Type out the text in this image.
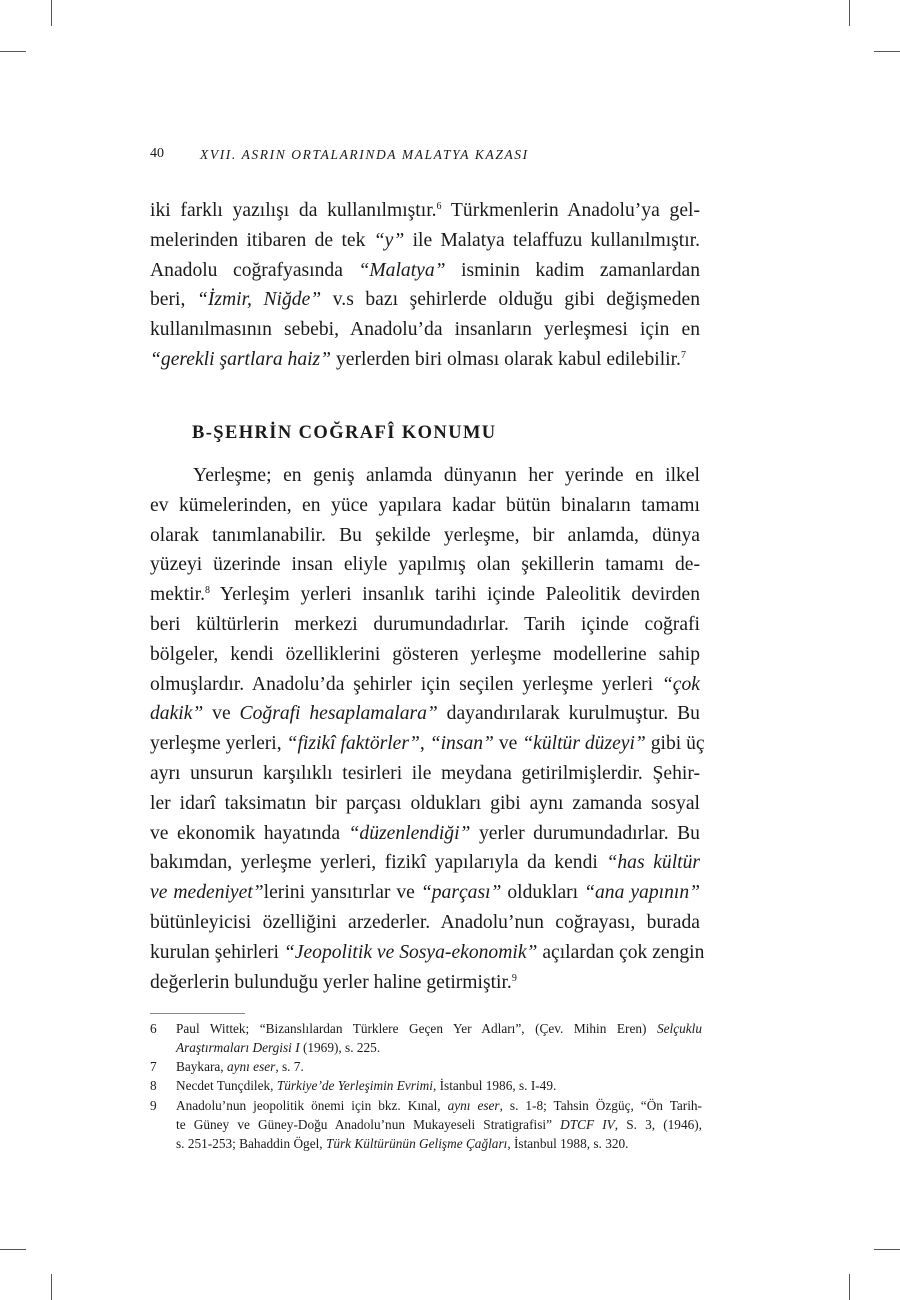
40	XVII. ASRIN ORTALARINDA MALATYA KAZASI
iki farklı yazılışı da kullanılmıştır.$^6$ Türkmenlerin Anadolu’ya gel-
melerinden itibaren de tek “y” ile Malatya telaffuzu kullanılmıştır.
Anadolu coğrafyasında “Malatya” isminin kadim zamanlardan
beri, “İzmir, Niğde” v.s bazı şehirlerde olduğu gibi değişmeden
kullanılmasının sebebi, Anadolu’da insanların yerleşmesi için en
“gerekli şartlara haiz” yerlerden biri olması olarak kabul edilebilir.$^7$
B-ŞEHRİN COĞRAFÎ KONUMU
Yerleşme; en geniş anlamda dünyanın her yerinde en ilkel
ev kümelerinden, en yüce yapılara kadar bütün binaların tamamı
olarak tanımlanabilir. Bu şekilde yerleşme, bir anlamda, dünya
yüzeyi üzerinde insan eliyle yapılmış olan şekillerin tamamı de-
mektir.$^8$ Yerleşim yerleri insanlık tarihi içinde Paleolitik devirden
beri kültürlerin merkezi durumundadırlar. Tarih içinde coğrafi
bölgeler, kendi özelliklerini gösteren yerleşme modellerine sahip
olmuşlardır. Anadolu’da şehirler için seçilen yerleşme yerleri “çok
dakik” ve Coğrafi hesaplamalara” dayandırılarak kurulmuştur. Bu
yerleşme yerleri, “fizikî faktörler”, “insan” ve “kültür düzeyi” gibi üç
ayrı unsurun karşılıklı tesirleri ile meydana getirilmişlerdir. Şehir-
ler idarî taksimatın bir parçası oldukları gibi aynı zamanda sosyal
ve ekonomik hayatında “düzenlendiği” yerler durumundadırlar. Bu
bakımdan, yerleşme yerleri, fizikî yapılarıyla da kendi “has kültür
ve medeniyet”lerini yansıtırlar ve “parçası” oldukları “ana yapının”
bütünleyicisi özelliğini arzederler. Anadolu’nun coğrayası, burada
kurulan şehirleri “Jeopolitik ve Sosya-ekonomik” açılardan çok zengin
değerlerin bulunduğu yerler haline getirmiştir.$^9$
6 Paul Wittek; “Bizanslılardan Türklere Geçen Yer Adları”, (Çev. Mihin Eren) Selçuklu
Araştırmaları Dergisi I (1969), s. 225.
7 Baykara, aynı eser, s. 7.
8 Necdet Tunçdilek, Türkiye’de Yerleşimin Evrimi, İstanbul 1986, s. I-49.
9 Anadolu’nun jeopolitik önemi için bkz. Kınal, aynı eser, s. 1-8; Tahsin Özgüç, “Ön Tarih-
te Güney ve Güney-Doğu Anadolu’nun Mukayeseli Stratigrafisi” DTCF IV, S. 3, (1946),
s. 251-253; Bahaddin Ögel, Türk Kültürünün Gelişme Çağları, İstanbul 1988, s. 320.
